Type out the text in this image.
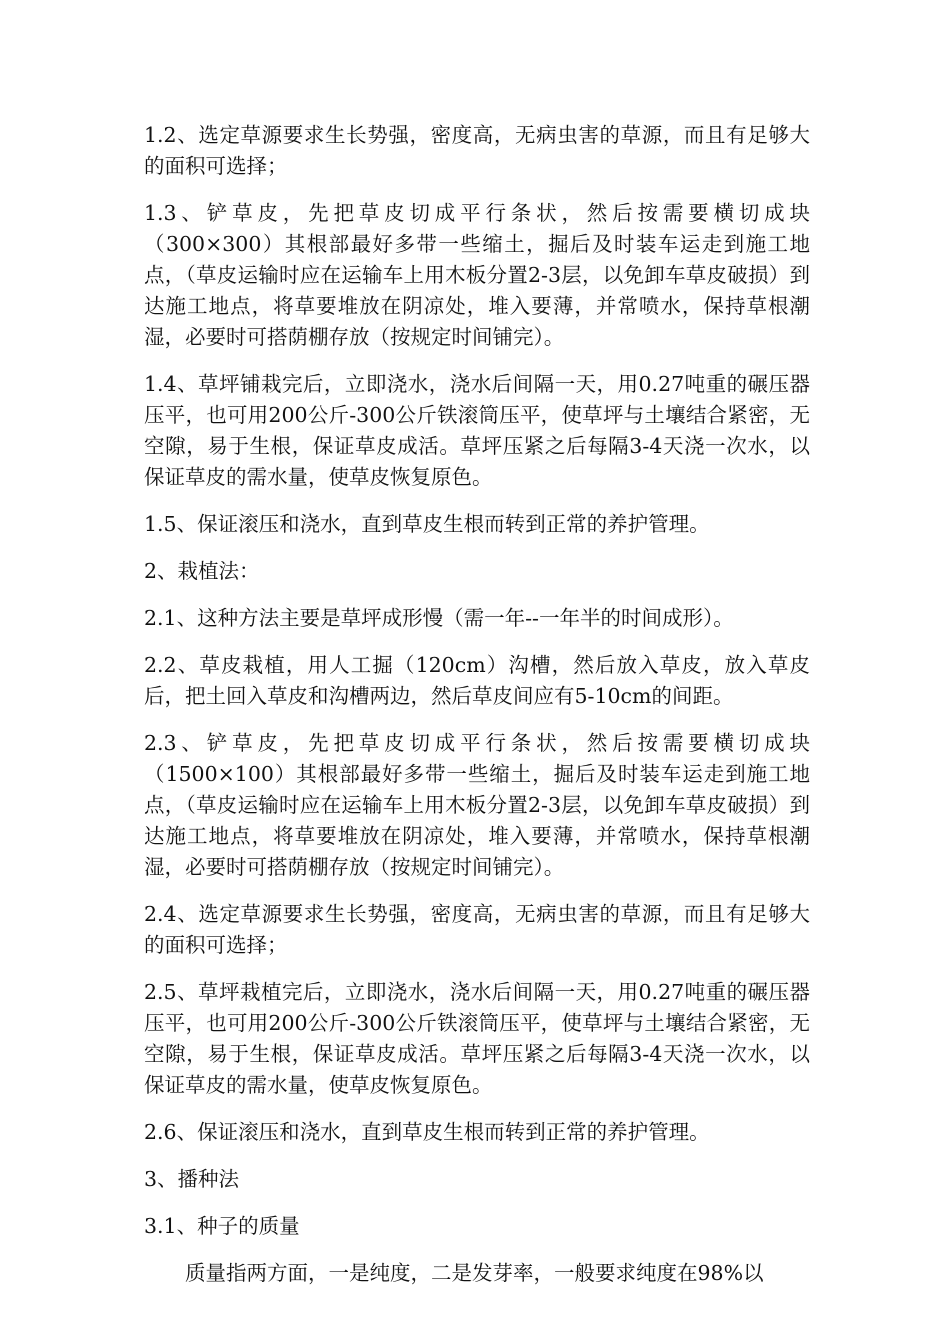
1.2、选定草源要求生长势强，密度高，无病虫害的草源，而且有足够大的面积可选择；

1.3、铲草皮，先把草皮切成平行条状，然后按需要横切成块（300×300）其根部最好多带一些缩土，掘后及时装车运走到施工地点，（草皮运输时应在运输车上用木板分置2-3层，以免卸车草皮破损）到达施工地点，将草要堆放在阴凉处，堆入要薄，并常喷水，保持草根潮湿，必要时可搭荫棚存放（按规定时间铺完）。

1.4、草坪铺栽完后，立即浇水，浇水后间隔一天，用0.27吨重的碾压器压平，也可用200公斤-300公斤铁滚筒压平，使草坪与土壤结合紧密，无空隙，易于生根，保证草皮成活。草坪压紧之后每隔3-4天浇一次水，以保证草皮的需水量，使草皮恢复原色。

1.5、保证滚压和浇水，直到草皮生根而转到正常的养护管理。

2、栽植法：

2.1、这种方法主要是草坪成形慢（需一年--一年半的时间成形）。

2.2、草皮栽植，用人工掘（120cm）沟槽，然后放入草皮，放入草皮后，把土回入草皮和沟槽两边，然后草皮间应有5-10cm的间距。

2.3、铲草皮，先把草皮切成平行条状，然后按需要横切成块（1500×100）其根部最好多带一些缩土，掘后及时装车运走到施工地点，（草皮运输时应在运输车上用木板分置2-3层，以免卸车草皮破损）到达施工地点，将草要堆放在阴凉处，堆入要薄，并常喷水，保持草根潮湿，必要时可搭荫棚存放（按规定时间铺完）。

2.4、选定草源要求生长势强，密度高，无病虫害的草源，而且有足够大的面积可选择；

2.5、草坪栽植完后，立即浇水，浇水后间隔一天，用0.27吨重的碾压器压平，也可用200公斤-300公斤铁滚筒压平，使草坪与土壤结合紧密，无空隙，易于生根，保证草皮成活。草坪压紧之后每隔3-4天浇一次水，以保证草皮的需水量，使草皮恢复原色。

2.6、保证滚压和浇水，直到草皮生根而转到正常的养护管理。

3、播种法

3.1、种子的质量

质量指两方面，一是纯度，二是发芽率，一般要求纯度在98%以
